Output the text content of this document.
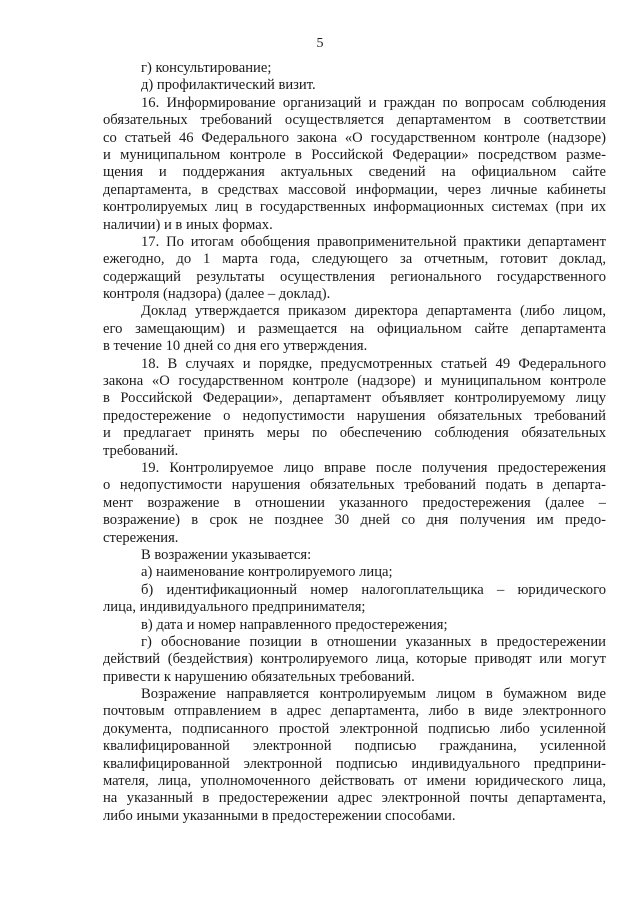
5
г) консультирование;
д) профилактический визит.
16. Информирование организаций и граждан по вопросам соблюдения
обязательных требований осуществляется департаментом в соответствии
со статьей 46 Федерального закона «О государственном контроле (надзоре)
и муниципальном контроле в Российской Федерации» посредством разме-
щения и поддержания актуальных сведений на официальном сайте
департамента, в средствах массовой информации, через личные кабинеты
контролируемых лиц в государственных информационных системах (при их
наличии) и в иных формах.
17. По итогам обобщения правоприменительной практики департамент
ежегодно, до 1 марта года, следующего за отчетным, готовит доклад,
содержащий результаты осуществления регионального государственного
контроля (надзора) (далее – доклад).
Доклад утверждается приказом директора департамента (либо лицом,
его замещающим) и размещается на официальном сайте департамента
в течение 10 дней со дня его утверждения.
18. В случаях и порядке, предусмотренных статьей 49 Федерального
закона «О государственном контроле (надзоре) и муниципальном контроле
в Российской Федерации», департамент объявляет контролируемому лицу
предостережение о недопустимости нарушения обязательных требований
и предлагает принять меры по обеспечению соблюдения обязательных
требований.
19. Контролируемое лицо вправе после получения предостережения
о недопустимости нарушения обязательных требований подать в департа-
мент возражение в отношении указанного предостережения (далее –
возражение) в срок не позднее 30 дней со дня получения им предо-
стережения.
В возражении указывается:
а) наименование контролируемого лица;
б) идентификационный номер налогоплательщика – юридического
лица, индивидуального предпринимателя;
в) дата и номер направленного предостережения;
г) обоснование позиции в отношении указанных в предостережении
действий (бездействия) контролируемого лица, которые приводят или могут
привести к нарушению обязательных требований.
Возражение направляется контролируемым лицом в бумажном виде
почтовым отправлением в адрес департамента, либо в виде электронного
документа, подписанного простой электронной подписью либо усиленной
квалифицированной электронной подписью гражданина, усиленной
квалифицированной электронной подписью индивидуального предприни-
мателя, лица, уполномоченного действовать от имени юридического лица,
на указанный в предостережении адрес электронной почты департамента,
либо иными указанными в предостережении способами.
